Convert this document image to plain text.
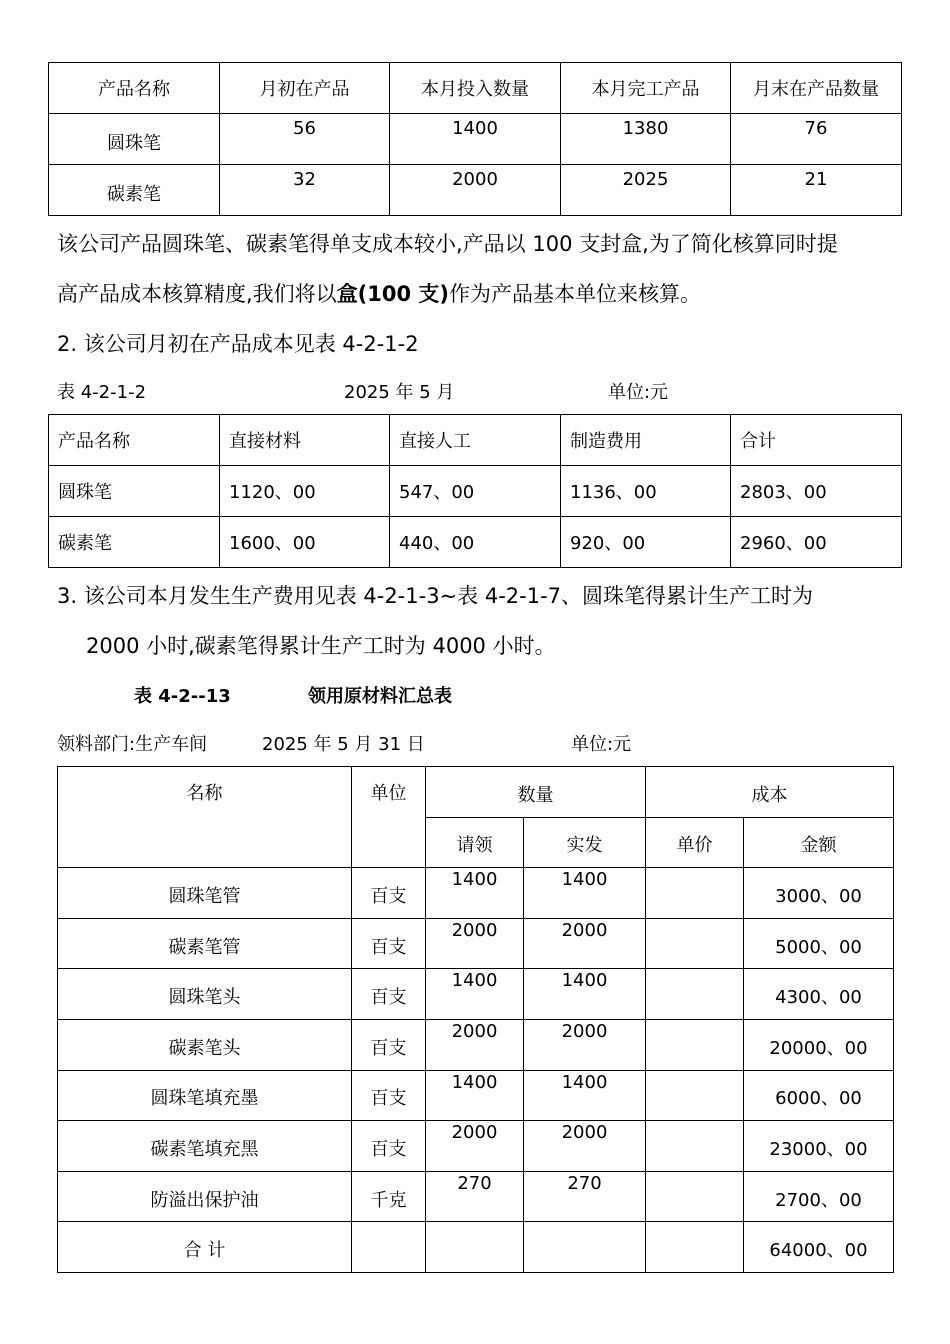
产品名称	月初在产品	本月投入数量	本月完工产品	月末在产品数量
圆珠笔	56	1400	1380	76
碳素笔	32	2000	2025	21
该公司产品圆珠笔、碳素笔得单支成本较小,产品以 100 支封盒,为了简化核算同时提
高产品成本核算精度,我们将以盒(100 支)作为产品基本单位来核算。
2. 该公司月初在产品成本见表 4-2-1-2
表 4-2-1-2	2025 年 5 月	单位:元
产品名称	直接材料	直接人工	制造费用	合计
圆珠笔	1120、00	547、00	1136、00	2803、00
碳素笔	1600、00	440、00	920、00	2960、00
3. 该公司本月发生生产费用见表 4-2-1-3~表 4-2-1-7、圆珠笔得累计生产工时为
2000 小时,碳素笔得累计生产工时为 4000 小时。
表 4-2--13	领用原材料汇总表
领料部门:生产车间	2025 年 5 月 31 日	单位:元
名称	单位	数量		成本	
		请领	实发	单价	金额
圆珠笔管	百支	1400	1400		3000、00
碳素笔管	百支	2000	2000		5000、00
圆珠笔头	百支	1400	1400		4300、00
碳素笔头	百支	2000	2000		20000、00
圆珠笔填充墨	百支	1400	1400		6000、00
碳素笔填充黑	百支	2000	2000		23000、00
防溢出保护油	千克	270	270		2700、00
合 计					64000、00
